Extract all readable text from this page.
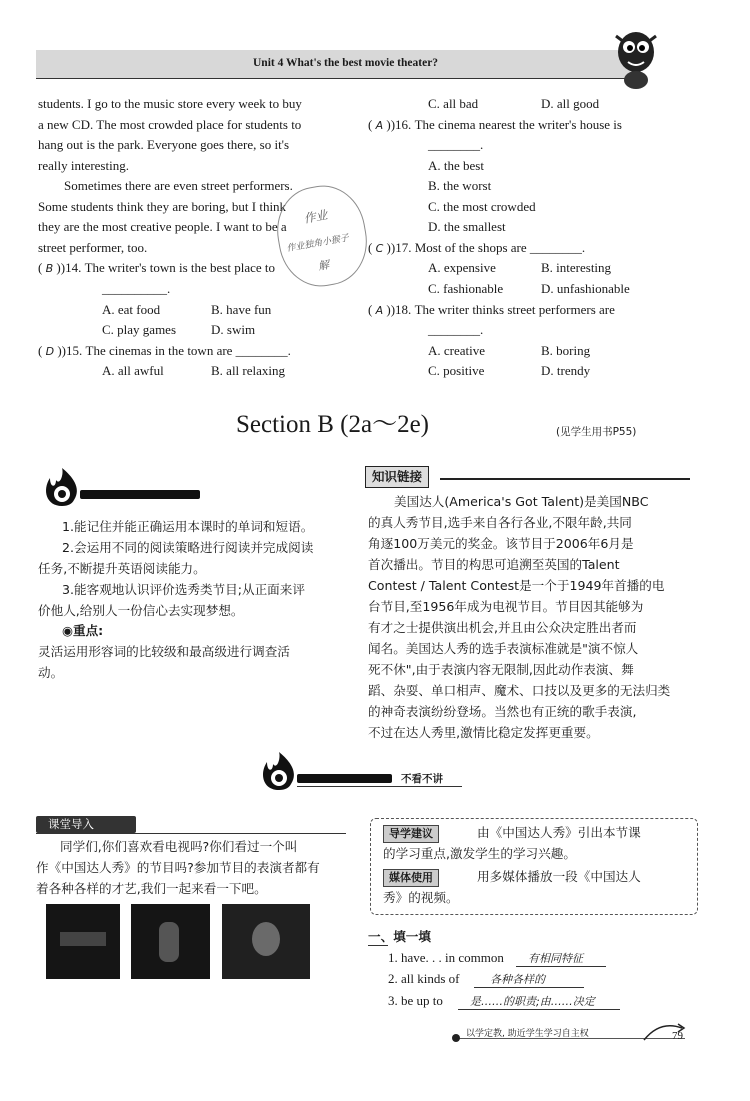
Unit 4 What's the best movie theater?
students. I go to the music store every week to buy
a new CD. The most crowded place for students to
hang out is the park. Everyone goes there, so it's
really interesting.
Sometimes there are even street performers.
Some students think they are boring, but I think
they are the most creative people. I want to be a
street performer, too.
( B ))14. The writer's town is the best place to
__________.
A. eat food	B. have fun
C. play games	D. swim
( D ))15. The cinemas in the town are ________.
A. all awful	B. all relaxing
作业
作业独角小猴子
解
C. all bad	D. all good
( A ))16. The cinema nearest the writer's house is
________.
A. the best
B. the worst
C. the most crowded
D. the smallest
( C ))17. Most of the shops are ________.
A. expensive	B. interesting
C. fashionable	D. unfashionable
( A ))18. The writer thinks street performers are
________.
A. creative	B. boring
C. positive	D. trendy
Section B (2a～2e)	(见学生用书P55)
1.能记住并能正确运用本课时的单词和短语。
2.会运用不同的阅读策略进行阅读并完成阅读
任务,不断提升英语阅读能力。
3.能客观地认识评价选秀类节目;从正面来评
价他人,给别人一份信心去实现梦想。
◉重点:
灵活运用形容词的比较级和最高级进行调查活
动。
知识链接
美国达人(America's Got Talent)是美国NBC
的真人秀节目,选手来自各行各业,不限年龄,共同
角逐100万美元的奖金。该节目于2006年6月是
首次播出。节目的构思可追溯至英国的Talent
Contest / Talent Contest是一个于1949年首播的电
台节目,至1956年成为电视节目。节目因其能够为
有才之士提供演出机会,并且由公众决定胜出者而
闻名。美国达人秀的选手表演标准就是"演不惊人
死不休",由于表演内容无限制,因此动作表演、舞
蹈、杂耍、单口相声、魔术、口技以及更多的无法归类
的神奇表演纷纷登场。当然也有正统的歌手表演,
不过在达人秀里,激情比稳定发挥更重要。
不看不讲
课堂导入
同学们,你们喜欢看电视吗?你们看过一个叫
作《中国达人秀》的节目吗?参加节目的表演者都有
着各种各样的才艺,我们一起来看一下吧。
导学建议	由《中国达人秀》引出本节课
的学习重点,激发学生的学习兴趣。
媒体使用	用多媒体播放一段《中国达人
秀》的视频。
一、填一填
1. have. . . in common 有相同特征
2. all kinds of	各种各样的
3. be up to 是……的职责;由……决定
以学定教, 助近学生学习自主权	79
